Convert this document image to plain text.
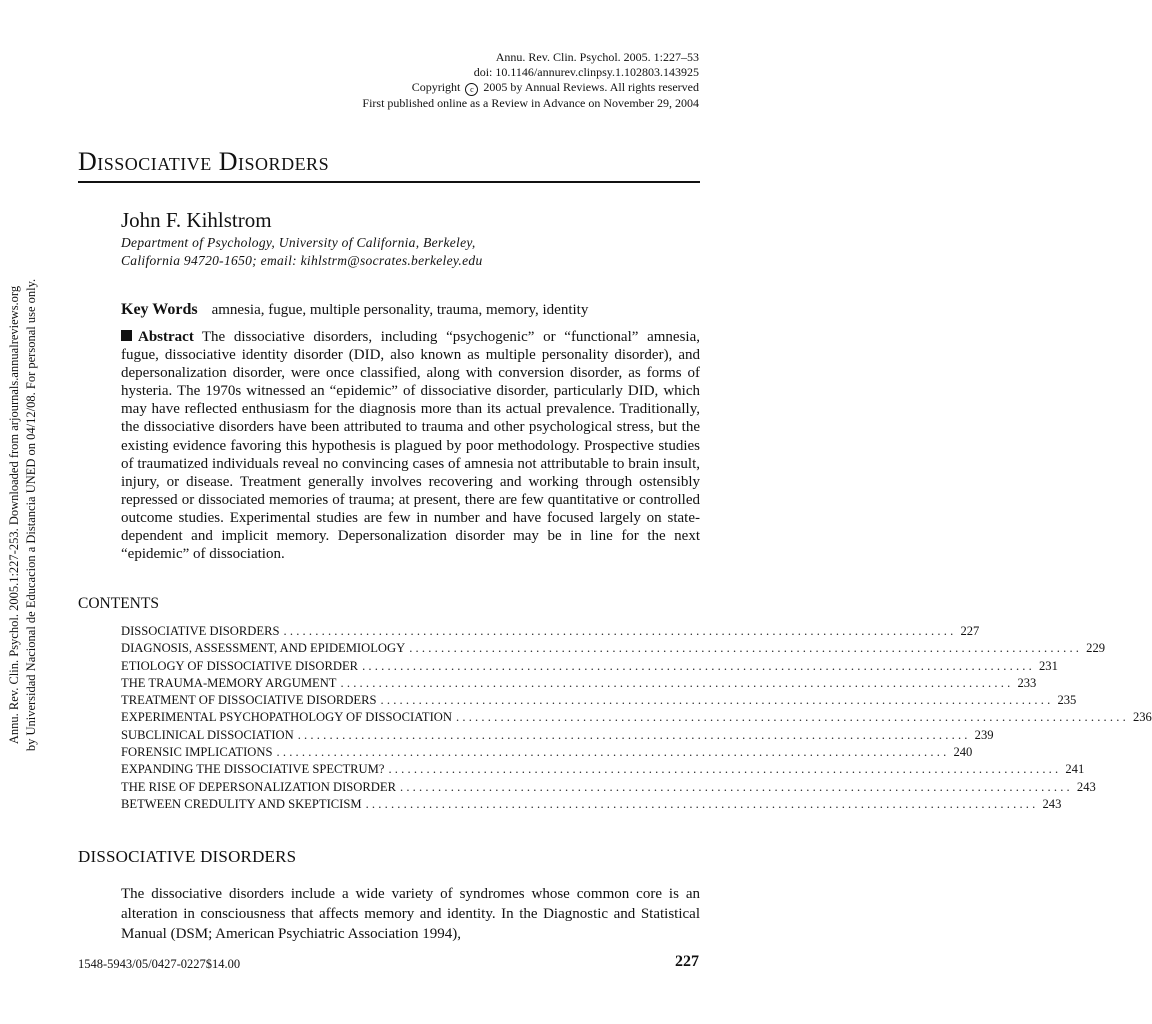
Annu. Rev. Clin. Psychol. 2005.1:227-253. Downloaded from arjournals.annualreviews.org by Universidad Nacional de Educacion a Distancia UNED on 04/12/08. For personal use only.
Annu. Rev. Clin. Psychol. 2005. 1:227–53
doi: 10.1146/annurev.clinpsy.1.102803.143925
Copyright c 2005 by Annual Reviews. All rights reserved
First published online as a Review in Advance on November 29, 2004
Dissociative Disorders
John F. Kihlstrom
Department of Psychology, University of California, Berkeley,
California 94720-1650; email: kihlstrm@socrates.berkeley.edu
Key Words amnesia, fugue, multiple personality, trauma, memory, identity
Abstract The dissociative disorders, including “psychogenic” or “functional” amnesia, fugue, dissociative identity disorder (DID, also known as multiple personality disorder), and depersonalization disorder, were once classified, along with conversion disorder, as forms of hysteria. The 1970s witnessed an “epidemic” of dissociative disorder, particularly DID, which may have reflected enthusiasm for the diagnosis more than its actual prevalence. Traditionally, the dissociative disorders have been attributed to trauma and other psychological stress, but the existing evidence favoring this hypothesis is plagued by poor methodology. Prospective studies of traumatized individuals reveal no convincing cases of amnesia not attributable to brain insult, injury, or disease. Treatment generally involves recovering and working through ostensibly repressed or dissociated memories of trauma; at present, there are few quantitative or controlled outcome studies. Experimental studies are few in number and have focused largely on state-dependent and implicit memory. Depersonalization disorder may be in line for the next “epidemic” of dissociation.
CONTENTS
DISSOCIATIVE DISORDERS .......................................................................................................... 227
DIAGNOSIS, ASSESSMENT, AND EPIDEMIOLOGY .......................................................................................................... 229
ETIOLOGY OF DISSOCIATIVE DISORDER .......................................................................................................... 231
THE TRAUMA-MEMORY ARGUMENT .......................................................................................................... 233
TREATMENT OF DISSOCIATIVE DISORDERS .......................................................................................................... 235
EXPERIMENTAL PSYCHOPATHOLOGY OF DISSOCIATION .......................................................................................................... 236
SUBCLINICAL DISSOCIATION .......................................................................................................... 239
FORENSIC IMPLICATIONS .......................................................................................................... 240
EXPANDING THE DISSOCIATIVE SPECTRUM? .......................................................................................................... 241
THE RISE OF DEPERSONALIZATION DISORDER .......................................................................................................... 243
BETWEEN CREDULITY AND SKEPTICISM .......................................................................................................... 243
DISSOCIATIVE DISORDERS
The dissociative disorders include a wide variety of syndromes whose common core is an alteration in consciousness that affects memory and identity. In the Diagnostic and Statistical Manual (DSM; American Psychiatric Association 1994),
1548-5943/05/0427-0227$14.00	227
